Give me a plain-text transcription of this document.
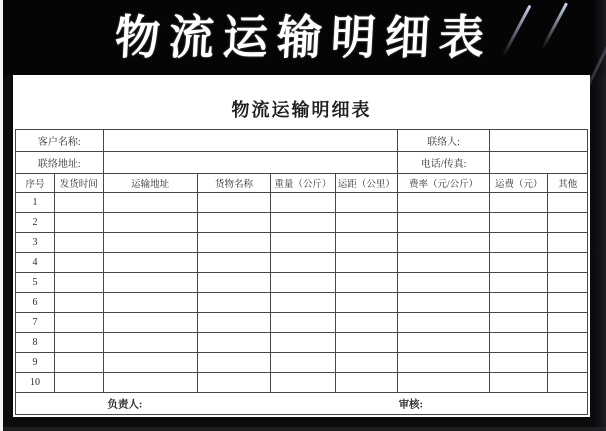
物流运输明细表
物流运输明细表
客户名称:						联络人:		
联络地址:						电话/传真:		
序号	发货时间	运输地址	货物名称	重量（公斤）	运距（公里）	费率（元/公斤）	运费（元）	其他
1								
2								
3								
4								
5								
6								
7								
8								
9								
10								

负责人: 审核:								
